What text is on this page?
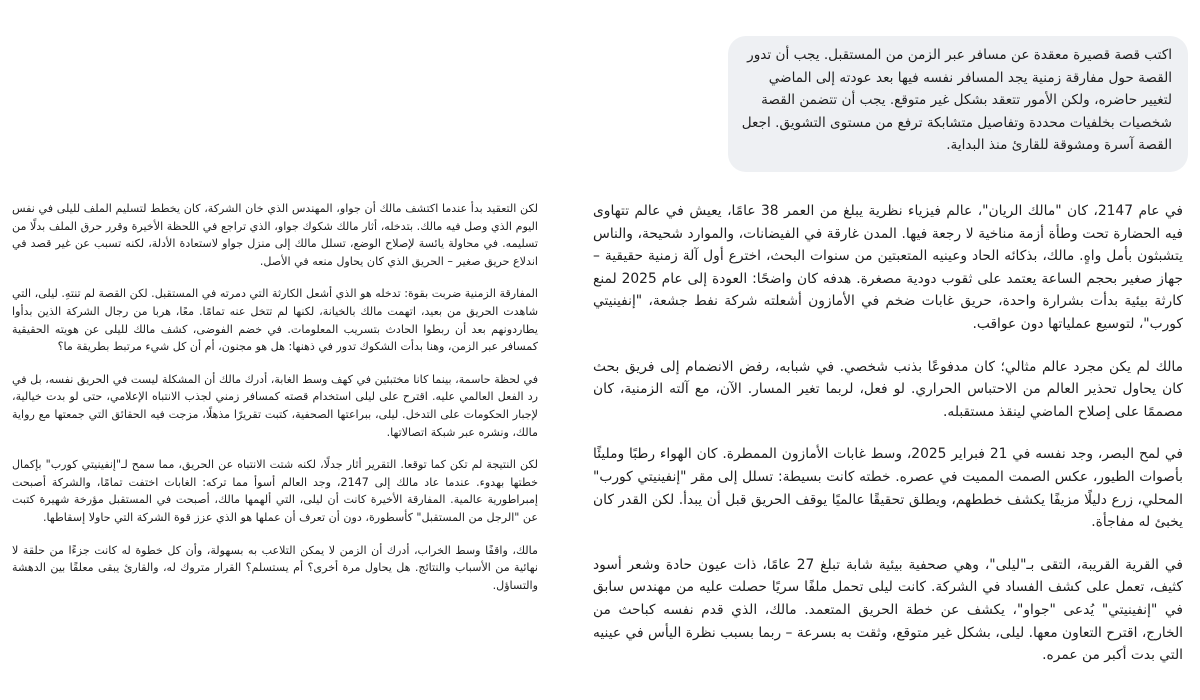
اكتب قصة قصيرة معقدة عن مسافر عبر الزمن من المستقبل. يجب أن تدور القصة حول مفارقة زمنية يجد المسافر نفسه فيها بعد عودته إلى الماضي لتغيير حاضره، ولكن الأمور تتعقد بشكل غير متوقع. يجب أن تتضمن القصة شخصيات بخلفيات محددة وتفاصيل متشابكة ترفع من مستوى التشويق. اجعل القصة آسرة ومشوقة للقارئ منذ البداية.

في عام 2147، كان "مالك الريان"، عالم فيزياء نظرية يبلغ من العمر 38 عامًا، يعيش في عالم تتهاوى فيه الحضارة تحت وطأة أزمة مناخية لا رجعة فيها. المدن غارقة في الفيضانات، والموارد شحيحة، والناس يتشبثون بأمل واهٍ. مالك، بذكائه الحاد وعينيه المتعبتين من سنوات البحث، اخترع أول آلة زمنية حقيقية – جهاز صغير بحجم الساعة يعتمد على ثقوب دودية مصغرة. هدفه كان واضحًا: العودة إلى عام 2025 لمنع كارثة بيئية بدأت بشرارة واحدة، حريق غابات ضخم في الأمازون أشعلته شركة نفط جشعة، "إنفينيتي كورب"، لتوسيع عملياتها دون عواقب.

مالك لم يكن مجرد عالم مثالي؛ كان مدفوعًا بذنب شخصي. في شبابه، رفض الانضمام إلى فريق بحث كان يحاول تحذير العالم من الاحتباس الحراري. لو فعل، لربما تغير المسار. الآن، مع آلته الزمنية، كان مصممًا على إصلاح الماضي لينقذ مستقبله.

في لمح البصر، وجد نفسه في 21 فبراير 2025، وسط غابات الأمازون الممطرة. كان الهواء رطبًا ومليئًا بأصوات الطيور، عكس الصمت المميت في عصره. خطته كانت بسيطة: تسلل إلى مقر "إنفينيتي كورب" المحلي، زرع دليلًا مزيفًا يكشف خططهم، ويطلق تحقيقًا عالميًا يوقف الحريق قبل أن يبدأ. لكن القدر كان يخبئ له مفاجأة.

في القرية القريبة، التقى بـ"ليلى"، وهي صحفية بيئية شابة تبلغ 27 عامًا، ذات عيون حادة وشعر أسود كثيف، تعمل على كشف الفساد في الشركة. كانت ليلى تحمل ملفًا سريًا حصلت عليه من مهندس سابق في "إنفينيتي" يُدعى "جواو"، يكشف عن خطة الحريق المتعمد. مالك، الذي قدم نفسه كباحث من الخارج، اقترح التعاون معها. ليلى، بشكل غير متوقع، وثقت به بسرعة – ربما بسبب نظرة اليأس في عينيه التي بدت أكبر من عمره.

لكن التعقيد بدأ عندما اكتشف مالك أن جواو، المهندس الذي خان الشركة، كان يخطط لتسليم الملف لليلى في نفس اليوم الذي وصل فيه مالك. بتدخله، أثار مالك شكوك جواو، الذي تراجع في اللحظة الأخيرة وقرر حرق الملف بدلًا من تسليمه. في محاولة يائسة لإصلاح الوضع، تسلل مالك إلى منزل جواو لاستعادة الأدلة، لكنه تسبب عن غير قصد في اندلاع حريق صغير – الحريق الذي كان يحاول منعه في الأصل.

المفارقة الزمنية ضربت بقوة: تدخله هو الذي أشعل الكارثة التي دمرته في المستقبل. لكن القصة لم تنتهِ. ليلى، التي شاهدت الحريق من بعيد، اتهمت مالك بالخيانة، لكنها لم تتخل عنه تمامًا. معًا، هربا من رجال الشركة الذين بدأوا يطاردونهم بعد أن ربطوا الحادث بتسريب المعلومات. في خضم الفوضى، كشف مالك لليلى عن هويته الحقيقية كمسافر عبر الزمن، وهنا بدأت الشكوك تدور في ذهنها: هل هو مجنون، أم أن كل شيء مرتبط بطريقة ما؟

في لحظة حاسمة، بينما كانا مختبئين في كهف وسط الغابة، أدرك مالك أن المشكلة ليست في الحريق نفسه، بل في رد الفعل العالمي عليه. اقترح على ليلى استخدام قصته كمسافر زمني لجذب الانتباه الإعلامي، حتى لو بدت خيالية، لإجبار الحكومات على التدخل. ليلى، ببراعتها الصحفية، كتبت تقريرًا مذهلًا، مزجت فيه الحقائق التي جمعتها مع رواية مالك، ونشره عبر شبكة اتصالاتها.

لكن النتيجة لم تكن كما توقعا. التقرير أثار جدلًا، لكنه شتت الانتباه عن الحريق، مما سمح لـ"إنفينيتي كورب" بإكمال خطتها بهدوء. عندما عاد مالك إلى 2147، وجد العالم أسوأ مما تركه: الغابات اختفت تمامًا، والشركة أصبحت إمبراطورية عالمية. المفارقة الأخيرة كانت أن ليلى، التي ألهمها مالك، أصبحت في المستقبل مؤرخة شهيرة كتبت عن "الرجل من المستقبل" كأسطورة، دون أن تعرف أن عملها هو الذي عزز قوة الشركة التي حاولا إسقاطها.

مالك، واقفًا وسط الخراب، أدرك أن الزمن لا يمكن التلاعب به بسهولة، وأن كل خطوة له كانت جزءًا من حلقة لا نهائية من الأسباب والنتائج. هل يحاول مرة أخرى؟ أم يستسلم؟ القرار متروك له، والقارئ يبقى معلقًا بين الدهشة والتساؤل.
